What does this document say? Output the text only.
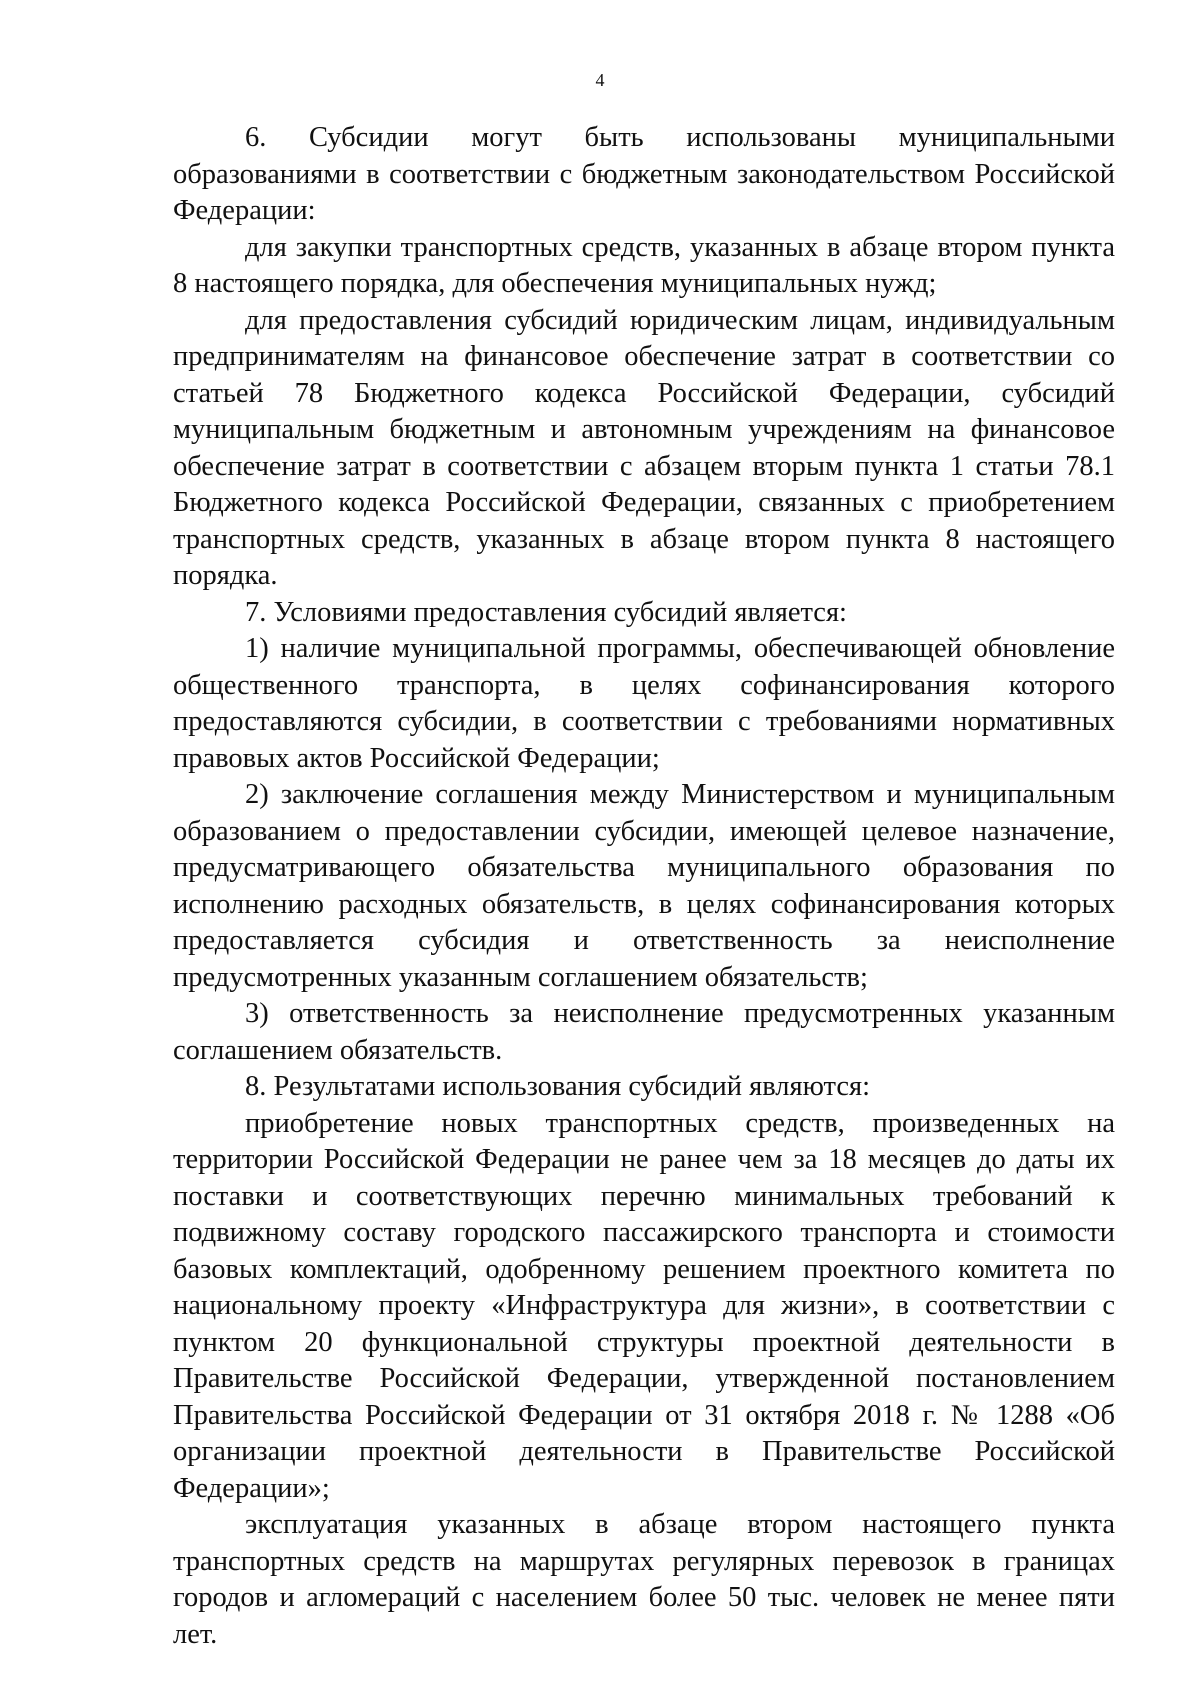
4

6. Субсидии могут быть использованы муниципальными образованиями в соответствии с бюджетным законодательством Российской Федерации:

для закупки транспортных средств, указанных в абзаце втором пункта 8 настоящего порядка, для обеспечения муниципальных нужд;

для предоставления субсидий юридическим лицам, индивидуальным предпринимателям на финансовое обеспечение затрат в соответствии со статьей 78 Бюджетного кодекса Российской Федерации, субсидий муниципальным бюджетным и автономным учреждениям на финансовое обеспечение затрат в соответствии с абзацем вторым пункта 1 статьи 78.1 Бюджетного кодекса Российской Федерации, связанных с приобретением транспортных средств, указанных в абзаце втором пункта 8 настоящего порядка.

7. Условиями предоставления субсидий является:

1) наличие муниципальной программы, обеспечивающей обновление общественного транспорта, в целях софинансирования которого предоставляются субсидии, в соответствии с требованиями нормативных правовых актов Российской Федерации;

2) заключение соглашения между Министерством и муниципальным образованием о предоставлении субсидии, имеющей целевое назначение, предусматривающего обязательства муниципального образования по исполнению расходных обязательств, в целях софинансирования которых предоставляется субсидия и ответственность за неисполнение предусмотренных указанным соглашением обязательств;

3) ответственность за неисполнение предусмотренных указанным соглашением обязательств.

8. Результатами использования субсидий являются:

приобретение новых транспортных средств, произведенных на территории Российской Федерации не ранее чем за 18 месяцев до даты их поставки и соответствующих перечню минимальных требований к подвижному составу городского пассажирского транспорта и стоимости базовых комплектаций, одобренному решением проектного комитета по национальному проекту «Инфраструктура для жизни», в соответствии с пунктом 20 функциональной структуры проектной деятельности в Правительстве Российской Федерации, утвержденной постановлением Правительства Российской Федерации от 31 октября 2018 г. № 1288 «Об организации проектной деятельности в Правительстве Российской Федерации»;

эксплуатация указанных в абзаце втором настоящего пункта транспортных средств на маршрутах регулярных перевозок в границах городов и агломераций с населением более 50 тыс. человек не менее пяти лет.
